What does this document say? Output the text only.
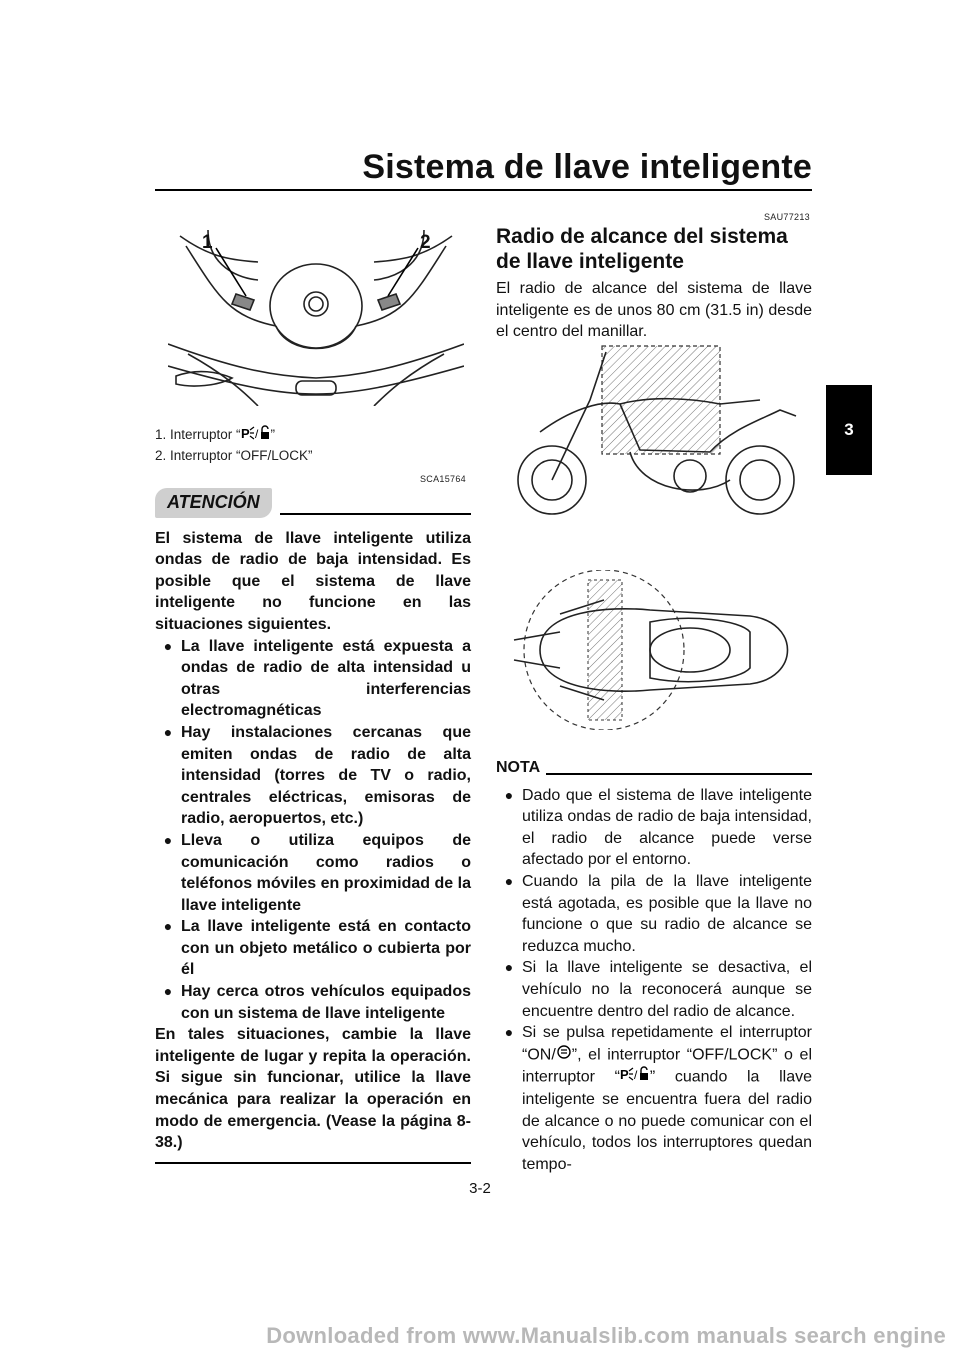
Sistema de llave inteligente
3
1	2
1. Interruptor “ P / ”
2. Interruptor “OFF/LOCK”
SCA15764
ATENCIÓN
El sistema de llave inteligente utiliza ondas de radio de baja intensidad. Es posible que el sistema de llave inteligente no funcione en las situaciones siguientes.
● La llave inteligente está expuesta a ondas de radio de alta intensidad u otras interferencias electromagnéticas
● Hay instalaciones cercanas que emiten ondas de radio de alta intensidad (torres de TV o radio, centrales eléctricas, emisoras de radio, aeropuertos, etc.)
● Lleva o utiliza equipos de comunicación como radios o teléfonos móviles en proximidad de la llave inteligente
● La llave inteligente está en contacto con un objeto metálico o cubierta por él
● Hay cerca otros vehículos equipados con un sistema de llave inteligente
En tales situaciones, cambie la llave inteligente de lugar y repita la operación. Si sigue sin funcionar, utilice la llave mecánica para realizar la operación en modo de emergencia. (Vease la página 8-38.)
SAU77213
Radio de alcance del sistema de llave inteligente
El radio de alcance del sistema de llave inteligente es de unos 80 cm (31.5 in) desde el centro del manillar.
NOTA
● Dado que el sistema de llave inteligente utiliza ondas de radio de baja intensidad, el radio de alcance puede verse afectado por el entorno.
● Cuando la pila de la llave inteligente está agotada, es posible que la llave no funcione o que su radio de alcance se reduzca mucho.
● Si la llave inteligente se desactiva, el vehículo no la reconocerá aunque se encuentre dentro del radio de alcance.
● Si se pulsa repetidamente el interruptor “ON/ ”, el interruptor “OFF/LOCK” o el interruptor “ P / ” cuando la llave inteligente se encuentra fuera del radio de alcance o no puede comunicar con el vehículo, todos los interruptores quedan tempo-
3-2
Downloaded from www.Manualslib.com manuals search engine
